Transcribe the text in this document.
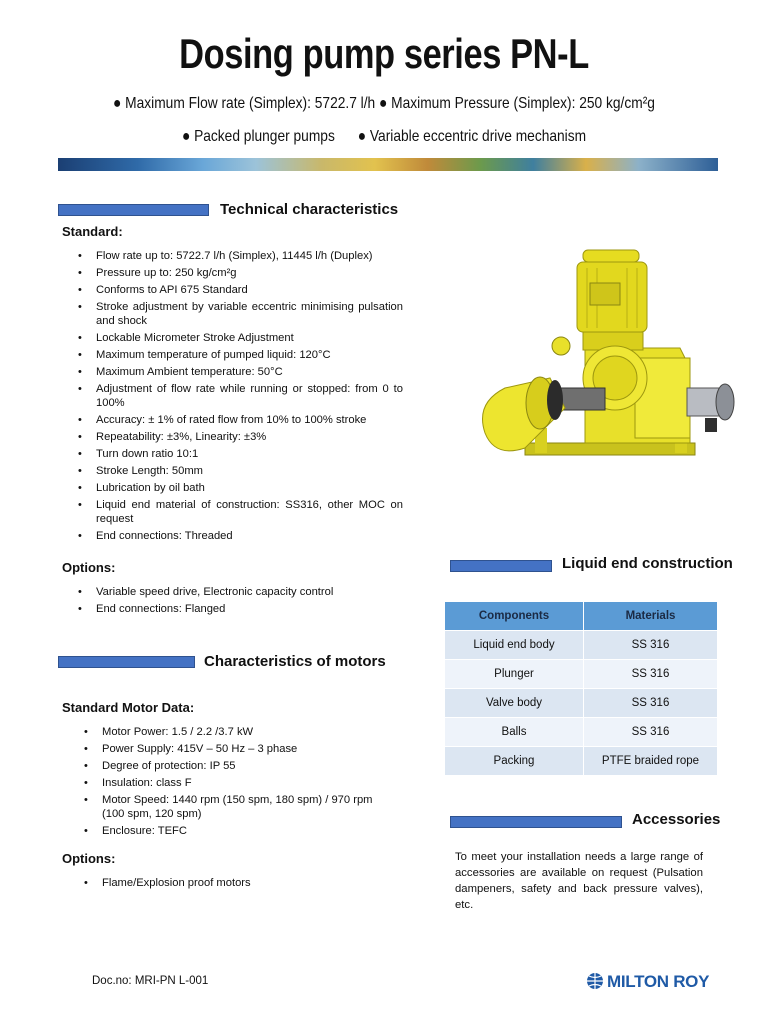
Dosing pump series PN-L
● Maximum Flow rate (Simplex): 5722.7 l/h ● Maximum Pressure (Simplex): 250 kg/cm²g
● Packed plunger pumps      ● Variable eccentric drive mechanism
Technical characteristics
Standard:
• Flow rate up to: 5722.7 l/h (Simplex), 11445 l/h (Duplex)
• Pressure up to: 250 kg/cm²g
• Conforms to API 675 Standard
• Stroke adjustment by variable eccentric minimising pulsation and shock
• Lockable Micrometer Stroke Adjustment
• Maximum temperature of pumped liquid: 120°C
• Maximum Ambient temperature: 50°C
• Adjustment of flow rate while running or stopped: from 0 to 100%
• Accuracy: ± 1% of rated flow from 10% to 100% stroke
• Repeatability: ±3%, Linearity: ±3%
• Turn down ratio 10:1
• Stroke Length: 50mm
• Lubrication by oil bath
• Liquid end material of construction: SS316, other MOC on request
• End connections: Threaded
Options:
• Variable speed drive, Electronic capacity control
• End connections: Flanged
Characteristics of motors
Standard Motor Data:
• Motor Power: 1.5 / 2.2 /3.7 kW
• Power Supply: 415V – 50 Hz – 3 phase
• Degree of protection: IP 55
• Insulation: class F
• Motor Speed: 1440 rpm (150 spm, 180 spm) / 970 rpm (100 spm, 120 spm)
• Enclosure: TEFC
Options:
• Flame/Explosion proof motors
Liquid end construction
Components	Materials
Liquid end body	SS 316
Plunger	SS 316
Valve body	SS 316
Balls	SS 316
Packing	PTFE braided rope
Accessories
To meet your installation needs a large range of accessories are available on request (Pulsation dampeners, safety and back pressure valves), etc.
Doc.no: MRI-PN L-001	MILTON ROY
